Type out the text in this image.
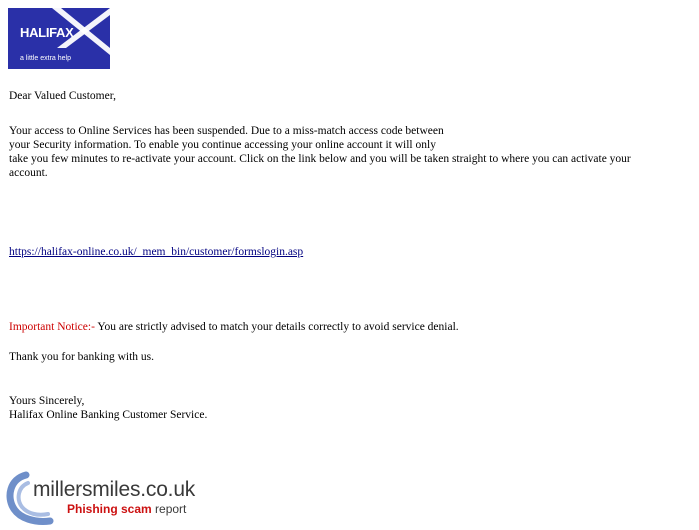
HALIFAX
a little extra help
Dear Valued Customer,
Your access to Online Services has been suspended. Due to a miss-match access code between
your Security information. To enable you continue accessing your online account it will only
take you few minutes to re-activate your account. Click on the link below and you will be taken straight to where you can activate your
account.
https://halifax-online.co.uk/_mem_bin/customer/formslogin.asp
Important Notice:- You are strictly advised to match your details correctly to avoid service denial.
Thank you for banking with us.
Yours Sincerely,
Halifax Online Banking Customer Service.
millersmiles.co.uk
Phishing scam report
